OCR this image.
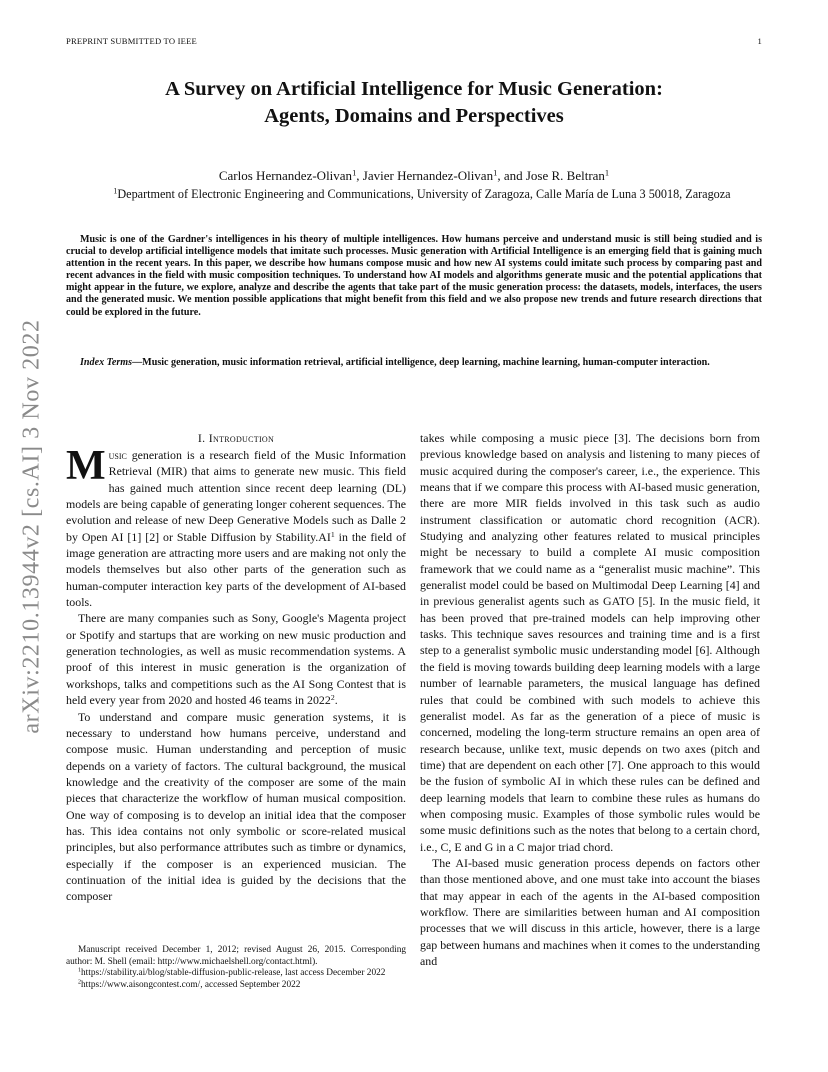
PREPRINT SUBMITTED TO IEEE	1
arXiv:2210.13944v2 [cs.AI] 3 Nov 2022
A Survey on Artificial Intelligence for Music Generation:
Agents, Domains and Perspectives
Carlos Hernandez-Olivan$^1$, Javier Hernandez-Olivan$^1$, and Jose R. Beltran$^1$
$^1$Department of Electronic Engineering and Communications, University of Zaragoza, Calle María de Luna 3 50018, Zaragoza

Music is one of the Gardner's intelligences in his theory of multiple intelligences. How humans perceive and understand music is still being studied and is crucial to develop artificial intelligence models that imitate such processes. Music generation with Artificial Intelligence is an emerging field that is gaining much attention in the recent years. In this paper, we describe how humans compose music and how new AI systems could imitate such process by comparing past and recent advances in the field with music composition techniques. To understand how AI models and algorithms generate music and the potential applications that might appear in the future, we explore, analyze and describe the agents that take part of the music generation process: the datasets, models, interfaces, the users and the generated music. We mention possible applications that might benefit from this field and we also propose new trends and future research directions that could be explored in the future.

Index Terms—Music generation, music information retrieval, artificial intelligence, deep learning, machine learning, human-computer interaction.

I. Introduction

Music generation is a research field of the Music Information Retrieval (MIR) that aims to generate new music. This field has gained much attention since recent deep learning (DL) models are being capable of generating longer coherent sequences. The evolution and release of new Deep Generative Models such as Dalle 2 by Open AI [1] [2] or Stable Diffusion by $Stability.AI^1$ in the field of image generation are attracting more users and are making not only the models themselves but also other parts of the generation such as human-computer interaction key parts of the development of AI-based tools.

There are many companies such as Sony, Google's Magenta project or Spotify and startups that are working on new music production and generation technologies, as well as music recommendation systems. A proof of this interest in music generation is the organization of workshops, talks and competitions such as the AI Song Contest that is held every year from 2020 and hosted 46 teams in 2022$^2$.

To understand and compare music generation systems, it is necessary to understand how humans perceive, understand and compose music. Human understanding and perception of music depends on a variety of factors. The cultural background, the musical knowledge and the creativity of the composer are some of the main pieces that characterize the workflow of human musical composition. One way of composing is to develop an initial idea that the composer has. This idea contains not only symbolic or score-related musical principles, but also performance attributes such as timbre or dynamics, especially if the composer is an experienced musician. The continuation of the initial idea is guided by the decisions that the composer

takes while composing a music piece [3]. The decisions born from previous knowledge based on analysis and listening to many pieces of music acquired during the composer's career, i.e., the experience. This means that if we compare this process with AI-based music generation, there are more MIR fields involved in this task such as audio instrument classification or automatic chord recognition (ACR). Studying and analyzing other features related to musical principles might be necessary to build a complete AI music composition framework that we could name as a “generalist music machine”. This generalist model could be based on Multimodal Deep Learning [4] and in previous generalist agents such as GATO [5]. In the music field, it has been proved that pre-trained models can help improving other tasks. This technique saves resources and training time and is a first step to a generalist symbolic music understanding model [6]. Although the field is moving towards building deep learning models with a large number of learnable parameters, the musical language has defined rules that could be combined with such models to achieve this generalist model. As far as the generation of a piece of music is concerned, modeling the long-term structure remains an open area of research because, unlike text, music depends on two axes (pitch and time) that are dependent on each other [7]. One approach to this would be the fusion of symbolic AI in which these rules can be defined and deep learning models that learn to combine these rules as humans do when composing music. Examples of those symbolic rules would be some music definitions such as the notes that belong to a certain chord, i.e., C, E and G in a C major triad chord.

The AI-based music generation process depends on factors other than those mentioned above, and one must take into account the biases that may appear in each of the agents in the AI-based composition workflow. There are similarities between human and AI composition processes that we will discuss in this article, however, there is a large gap between humans and machines when it comes to the understanding and

Manuscript received December 1, 2012; revised August 26, 2015. Corresponding author: M. Shell (email: http://www.michaelshell.org/contact.html).

$^1$https://stability.ai/blog/stable-diffusion-public-release, last access December 2022

$^2$https://www.aisongcontest.com/, accessed September 2022
